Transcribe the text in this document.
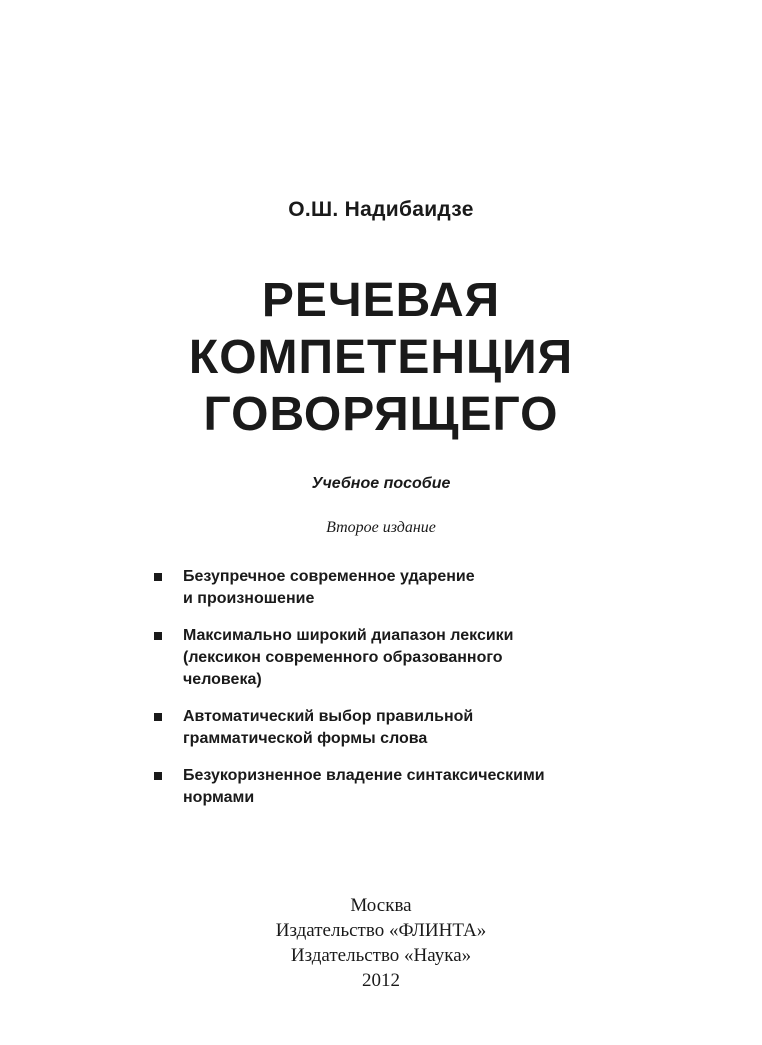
О.Ш. Надибаидзе
РЕЧЕВАЯ
КОМПЕТЕНЦИЯ
ГОВОРЯЩЕГО
Учебное пособие
Второе издание
Безупречное современное ударение
и произношение
Максимально широкий диапазон лексики
(лексикон современного образованного
человека)
Автоматический выбор правильной
грамматической формы слова
Безукоризненное владение синтаксическими
нормами
Москва
Издательство «ФЛИНТА»
Издательство «Наука»
2012
